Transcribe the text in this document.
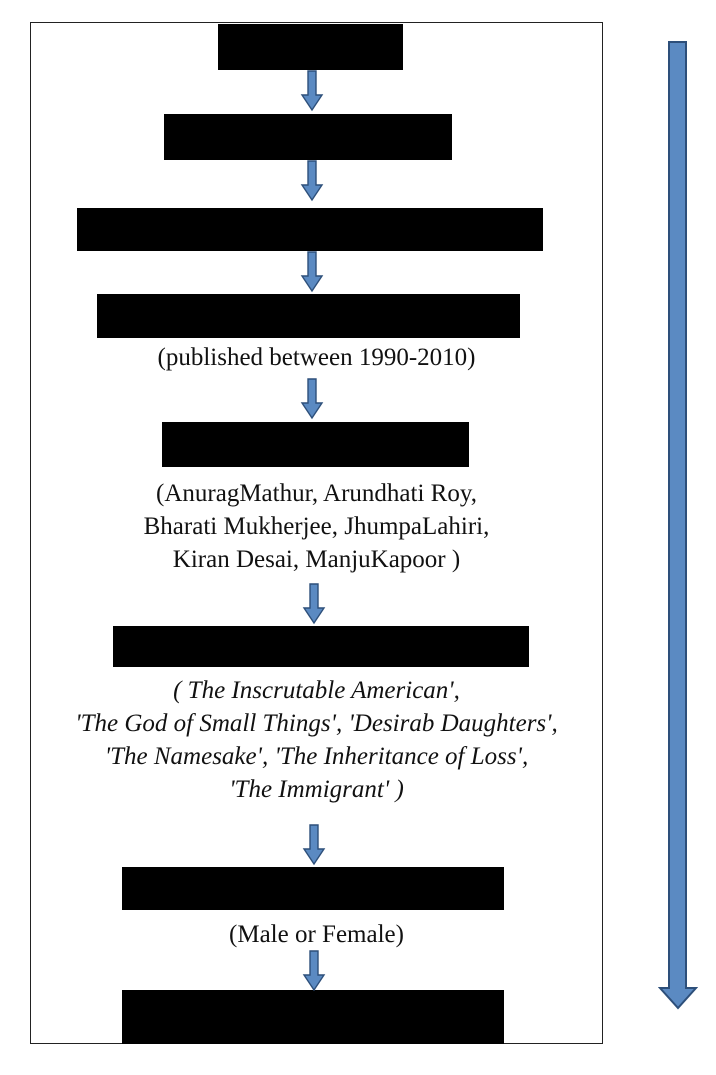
(published between 1990-2010)
(AnuragMathur, Arundhati Roy,
Bharati Mukherjee, JhumpaLahiri,
Kiran Desai, ManjuKapoor )
( The Inscrutable American',
'The God of Small Things', 'Desirab Daughters',
'The Namesake', 'The Inheritance of Loss',
'The Immigrant' )
(Male or Female)
